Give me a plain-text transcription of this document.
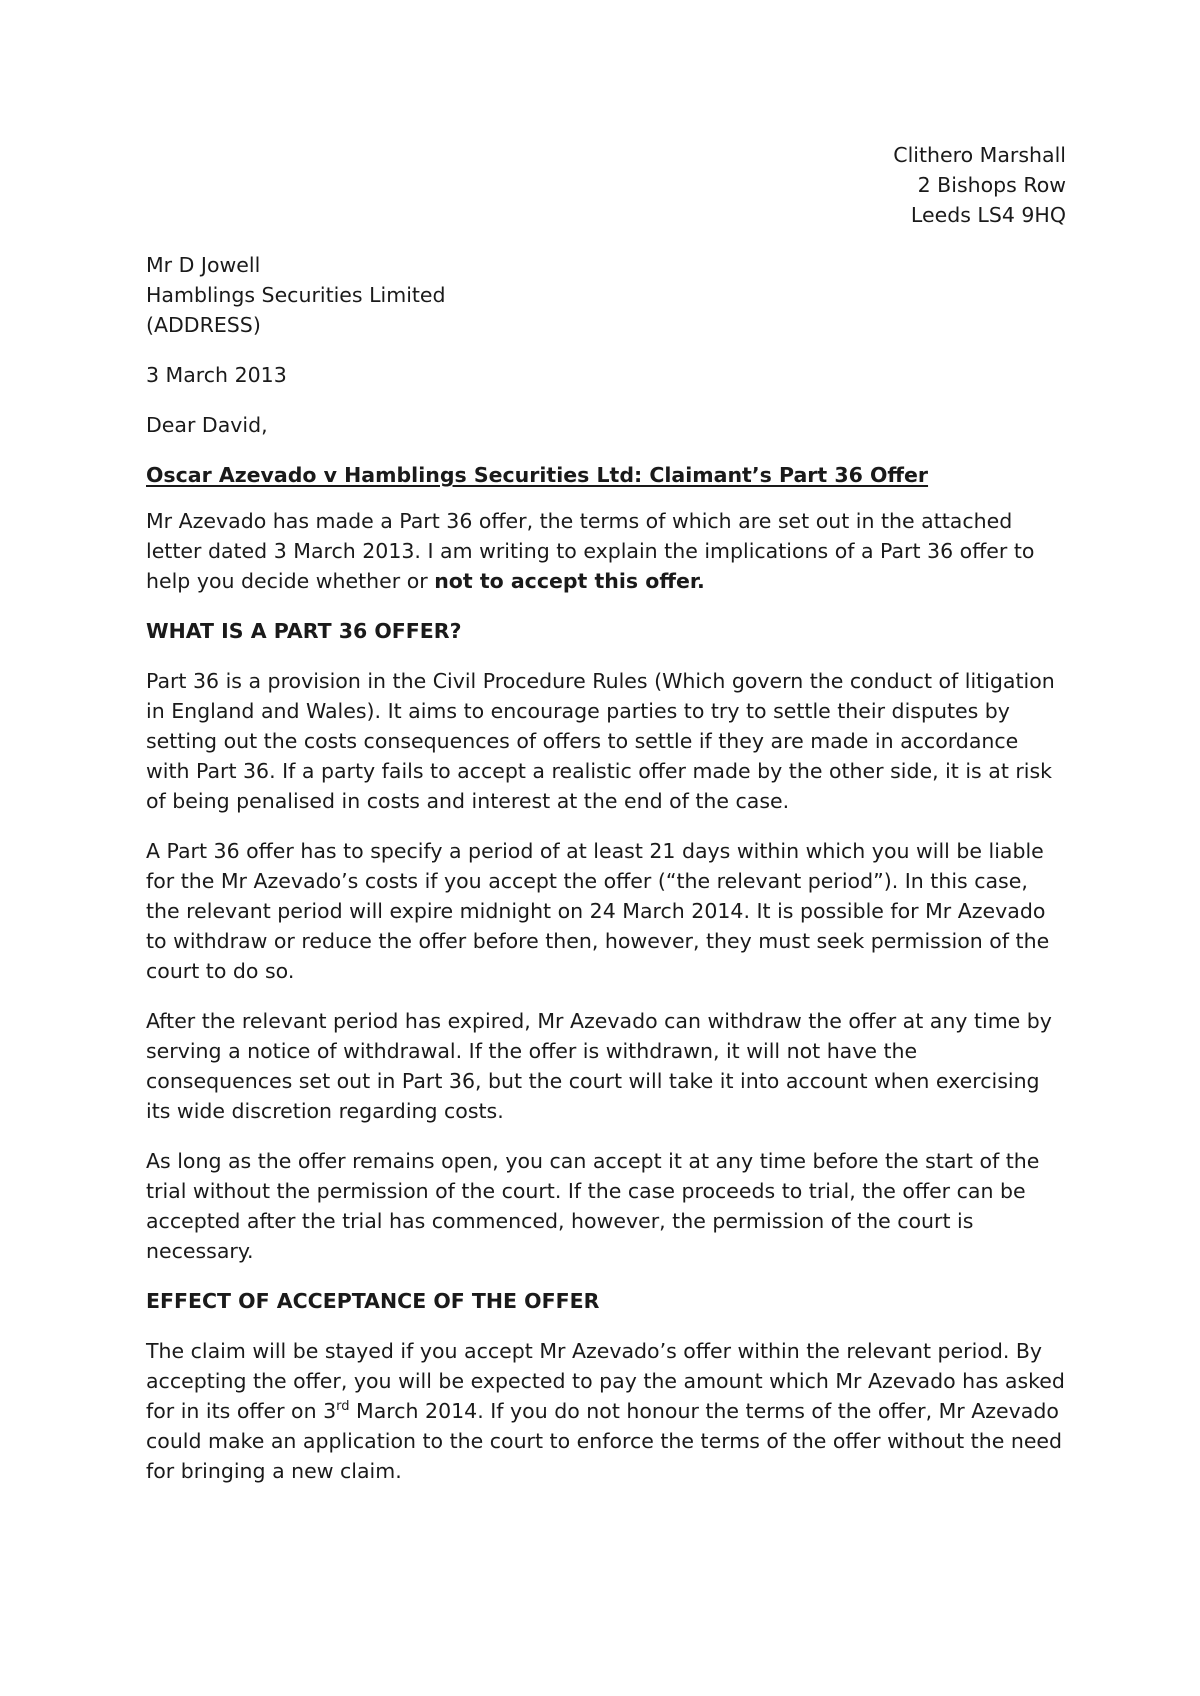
Clithero Marshall
2 Bishops Row
Leeds LS4 9HQ
Mr D Jowell
Hamblings Securities Limited
(ADDRESS)

3 March 2013

Dear David,

Oscar Azevado v Hamblings Securities Ltd: Claimant’s Part 36 Offer

Mr Azevado has made a Part 36 offer, the terms of which are set out in the attached letter dated 3 March 2013. I am writing to explain the implications of a Part 36 offer to help you decide whether or not to accept this offer.

WHAT IS A PART 36 OFFER?

Part 36 is a provision in the Civil Procedure Rules (Which govern the conduct of litigation in England and Wales). It aims to encourage parties to try to settle their disputes by setting out the costs consequences of offers to settle if they are made in accordance with Part 36. If a party fails to accept a realistic offer made by the other side, it is at risk of being penalised in costs and interest at the end of the case.

A Part 36 offer has to specify a period of at least 21 days within which you will be liable for the Mr Azevado’s costs if you accept the offer (“the relevant period”). In this case, the relevant period will expire midnight on 24 March 2014. It is possible for Mr Azevado to withdraw or reduce the offer before then, however, they must seek permission of the court to do so.

After the relevant period has expired, Mr Azevado can withdraw the offer at any time by serving a notice of withdrawal. If the offer is withdrawn, it will not have the consequences set out in Part 36, but the court will take it into account when exercising its wide discretion regarding costs.

As long as the offer remains open, you can accept it at any time before the start of the trial without the permission of the court. If the case proceeds to trial, the offer can be accepted after the trial has commenced, however, the permission of the court is necessary.

EFFECT OF ACCEPTANCE OF THE OFFER

The claim will be stayed if you accept Mr Azevado’s offer within the relevant period. By accepting the offer, you will be expected to pay the amount which Mr Azevado has asked for in its offer on 3rd March 2014. If you do not honour the terms of the offer, Mr Azevado could make an application to the court to enforce the terms of the offer without the need for bringing a new claim.
